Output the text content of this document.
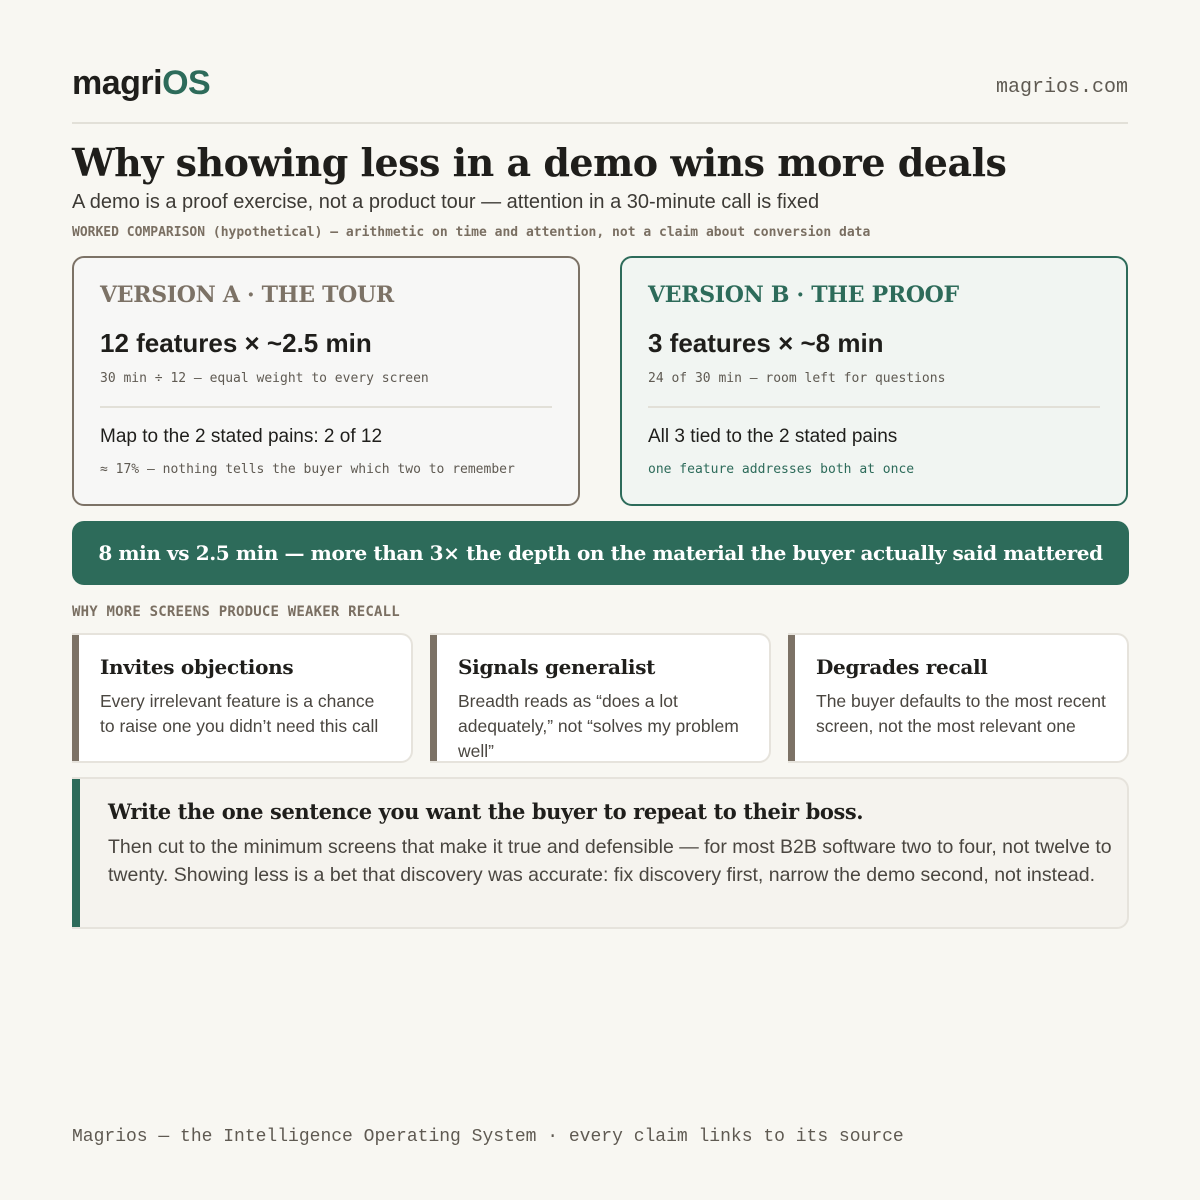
magriOS	magrios.com
Why showing less in a demo wins more deals
A demo is a proof exercise, not a product tour — attention in a 30-minute call is fixed
WORKED COMPARISON (hypothetical) — arithmetic on time and attention, not a claim about conversion data
VERSION A · THE TOUR
12 features × ~2.5 min
30 min ÷ 12 — equal weight to every screen
Map to the 2 stated pains: 2 of 12
≈ 17% — nothing tells the buyer which two to remember
VERSION B · THE PROOF
3 features × ~8 min
24 of 30 min — room left for questions
All 3 tied to the 2 stated pains
one feature addresses both at once
8 min vs 2.5 min — more than 3× the depth on the material the buyer actually said mattered
WHY MORE SCREENS PRODUCE WEAKER RECALL
Invites objections
Every irrelevant feature is a chance to raise one you didn’t need this call
Signals generalist
Breadth reads as “does a lot adequately,” not “solves my problem well”
Degrades recall
The buyer defaults to the most recent screen, not the most relevant one
Write the one sentence you want the buyer to repeat to their boss.
Then cut to the minimum screens that make it true and defensible — for most B2B software two to four, not twelve to twenty. Showing less is a bet that discovery was accurate: fix discovery first, narrow the demo second, not instead.
Magrios — the Intelligence Operating System · every claim links to its source
